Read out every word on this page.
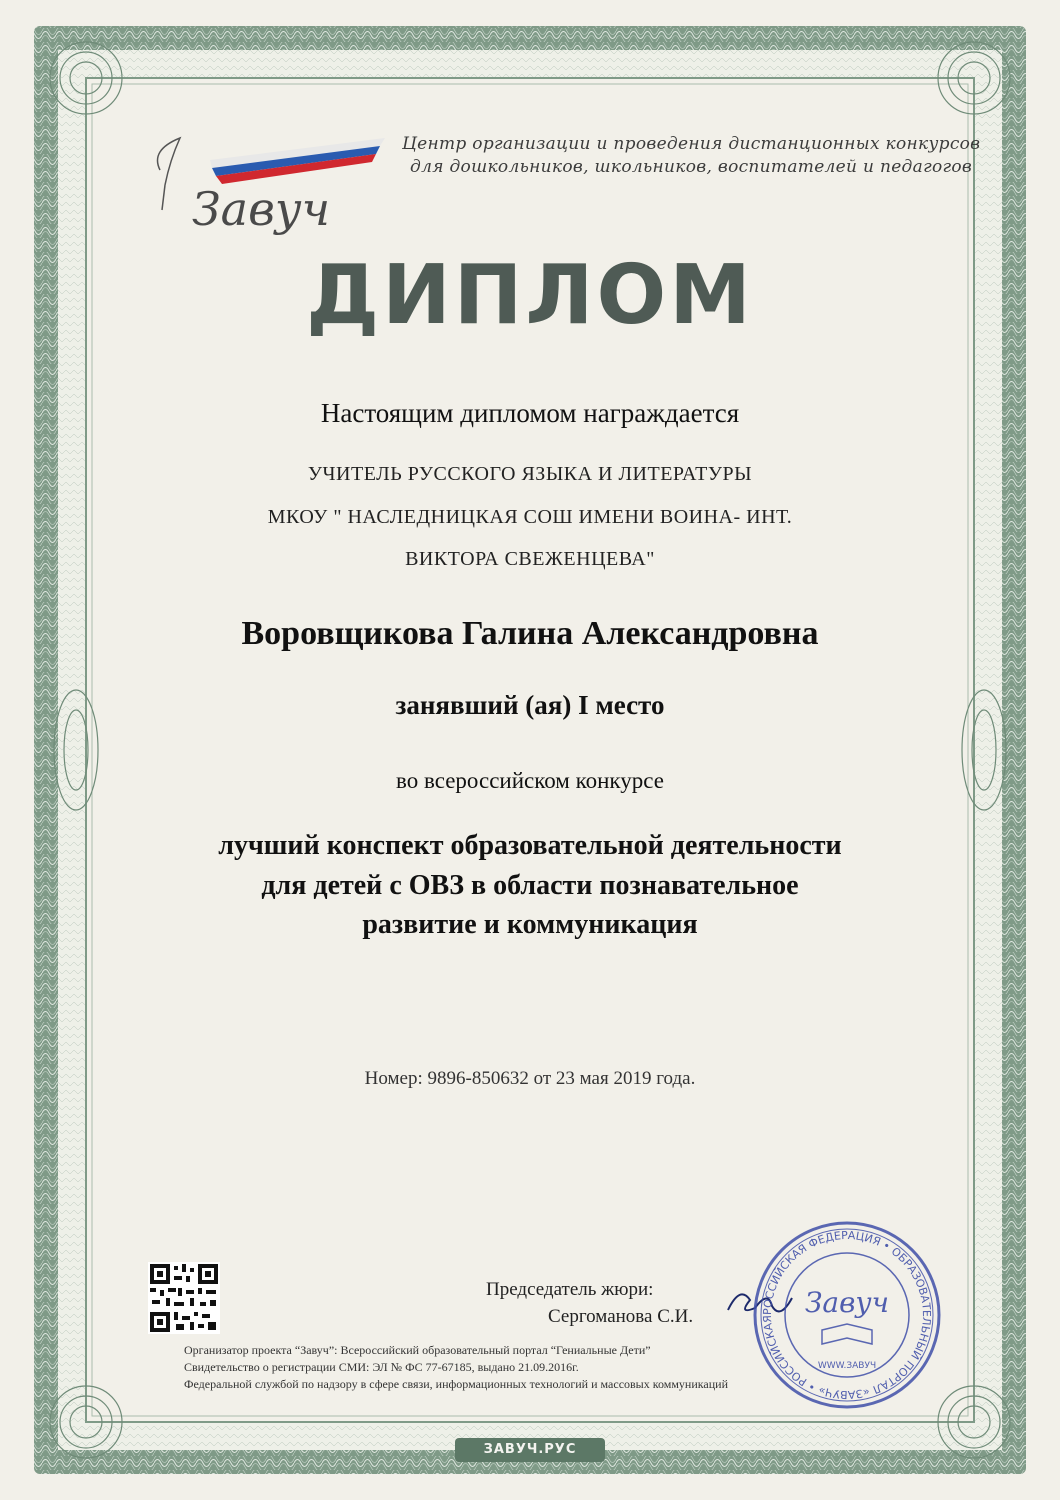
Завуч
Центр организации и проведения дистанционных конкурсов
для дошкольников, школьников, воспитателей и педагогов
ДИПЛОМ
Настоящим дипломом награждается
УЧИТЕЛЬ РУССКОГО ЯЗЫКА И ЛИТЕРАТУРЫ
МКОУ " НАСЛЕДНИЦКАЯ СОШ ИМЕНИ ВОИНА- ИНТ.
ВИКТОРА СВЕЖЕНЦЕВА"
Воровщикова Галина Александровна
занявший (ая) I место
во всероссийском конкурсе
лучший конспект образовательной деятельности
для детей с ОВЗ в области познавательное
развитие и коммуникация
Номер: 9896-850632 от 23 мая 2019 года.
Председатель жюри:
Сергоманова С.И.	РОССИЙСКАЯ ФЕДЕРАЦИЯ • ОБРАЗОВАТЕЛЬНЫЙ ПОРТАЛ «ЗАВУЧ» • РОССИЙСКАЯ	Завуч
WWW.ЗАВУЧ
Организатор проекта “Завуч”: Всероссийский образовательный портал “Гениальные Дети”
Свидетельство о регистрации СМИ: ЭЛ № ФС 77-67185, выдано 21.09.2016г.
Федеральной службой по надзору в сфере связи, информационных технологий и массовых коммуникаций
ЗАВУЧ.РУС
